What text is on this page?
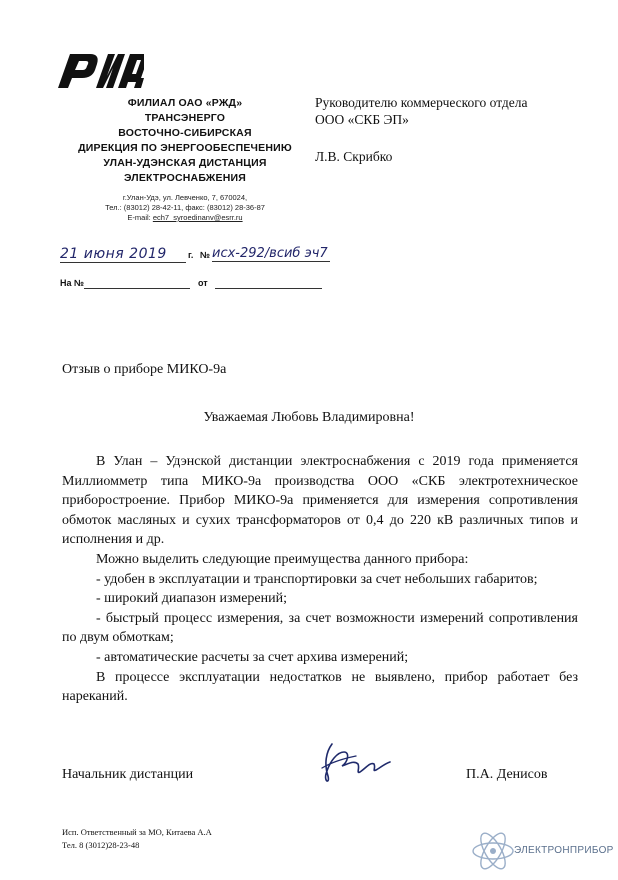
ФИЛИАЛ ОАО «РЖД»
ТРАНСЭНЕРГО
ВОСТОЧНО-СИБИРСКАЯ
ДИРЕКЦИЯ ПО ЭНЕРГООБЕСПЕЧЕНИЮ
УЛАН-УДЭНСКАЯ ДИСТАНЦИЯ
ЭЛЕКТРОСНАБЖЕНИЯ
г.Улан-Удэ, ул. Левченко, 7, 670024,
Тел.: (83012) 28-42-11, факс: (83012) 28-36-87
E-mail: ech7_syroedinanv@esrr.ru
Руководителю коммерческого отдела
ООО «СКБ ЭП»
Л.В. Скрибко
21 июня 2019	г. № исх-292/всиб эч7
На №	от
Отзыв о приборе МИКО-9а
Уважаемая Любовь Владимировна!

В Улан – Удэнской дистанции электроснабжения с 2019 года применяется Миллиомметр типа МИКО-9а производства ООО «СКБ электротехническое приборостроение. Прибор МИКО-9а применяется для измерения сопротивления обмоток масляных и сухих трансформаторов от 0,4 до 220 кВ различных типов и исполнения и др.

Можно выделить следующие преимущества данного прибора:

- удобен в эксплуатации и транспортировки за счет небольших габаритов;

- широкий диапазон измерений;

- быстрый процесс измерения, за счет возможности измерений сопротивления по двум обмоткам;

- автоматические расчеты за счет архива измерений;

В процессе эксплуатации недостатков не выявлено, прибор работает без нареканий.

Начальник дистанции	П.А. Денисов
Исп. Ответственный за МО, Китаева А.А
Тел. 8 (3012)28-23-48	ЭЛЕКТРОНПРИБОР
